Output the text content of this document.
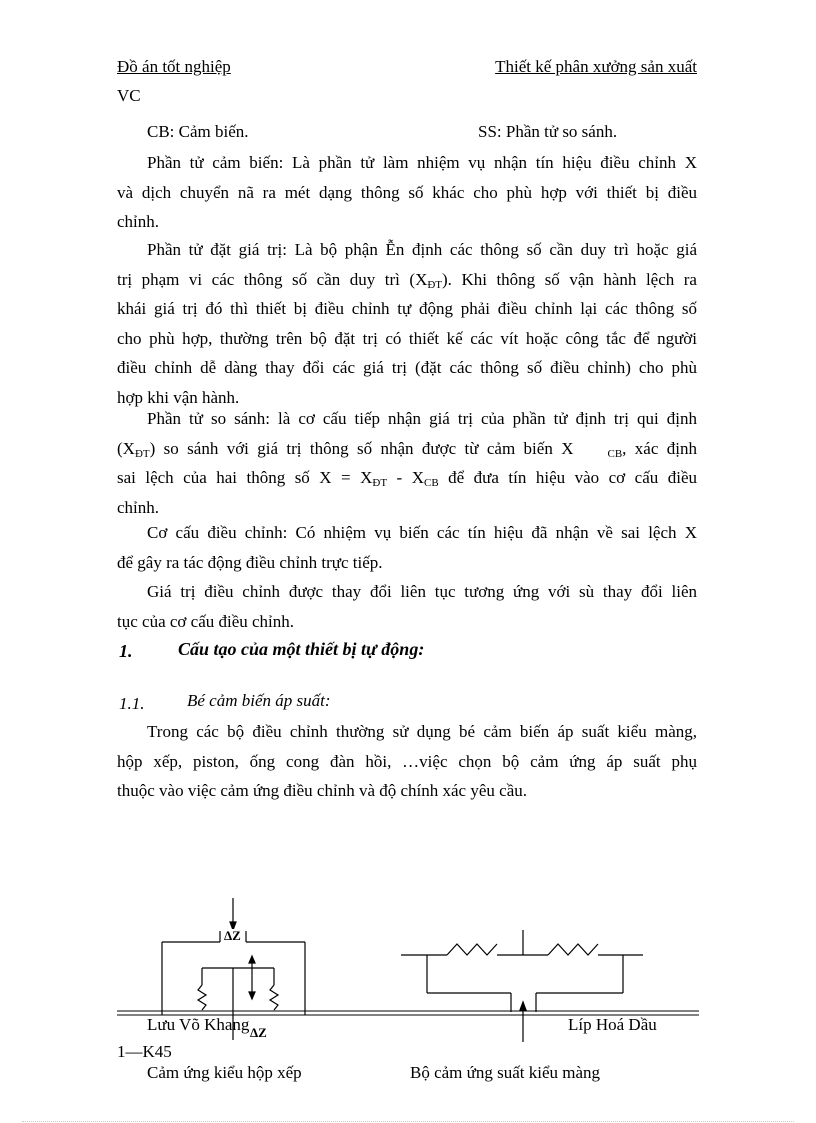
Đồ án tốt nghiệp	Thiết kế phân xưởng sản xuất
VC
CB: Cảm biến.	SS: Phần tử so sánh.
Phần tử cảm biến: Là phần tử làm nhiệm vụ nhận tín hiệu điều chỉnh X
và dịch chuyển nã ra mét dạng thông số khác cho phù hợp với thiết bị điều
chỉnh.
Phần tử đặt giá trị: Là bộ phận Ễn định các thông số cần duy trì hoặc giá
trị phạm vi các thông số cần duy trì $(X_{ĐT})$. Khi thông số vận hành lệch ra
khái giá trị đó thì thiết bị điều chỉnh tự động phải điều chỉnh lại các thông số
cho phù hợp, thường trên bộ đặt trị có thiết kế các vít hoặc công tắc để người
điều chỉnh dễ dàng thay đổi các giá trị (đặt các thông số điều chỉnh) cho phù
hợp khi vận hành.
Phần tử so sánh: là cơ cấu tiếp nhận giá trị của phần tử định trị qui định
$(X_{ĐT})$ so sánh với giá trị thông số nhận được từ cảm biến X	$_{CB}$, xác định
sai lệch của hai thông số $X = X_{ĐT} - X_{CB}$ để đưa tín hiệu vào cơ cấu điều
chỉnh.
Cơ cấu điều chỉnh: Có nhiệm vụ biến các tín hiệu đã nhận về sai lệch X
để gây ra tác động điều chỉnh trực tiếp.
Giá trị điều chỉnh được thay đổi liên tục tương ứng với sù thay đổi liên
tục của cơ cấu điều chỉnh.
1.	Cấu tạo của một thiết bị tự động:
1.1.	Bé cảm biến áp suất:
Trong các bộ điều chỉnh thường sử dụng bé cảm biến áp suất kiểu màng,
hộp xếp, piston, ống cong đàn hồi, …việc chọn bộ cảm ứng áp suất phụ
thuộc vào việc cảm ứng điều chỉnh và độ chính xác yêu cầu.
ΔZ
ΔZ
Lưu Võ Khang	Líp Hoá Dầu
1—K45
Cảm ứng kiểu hộp xếp	Bộ cảm ứng suất kiểu màng
